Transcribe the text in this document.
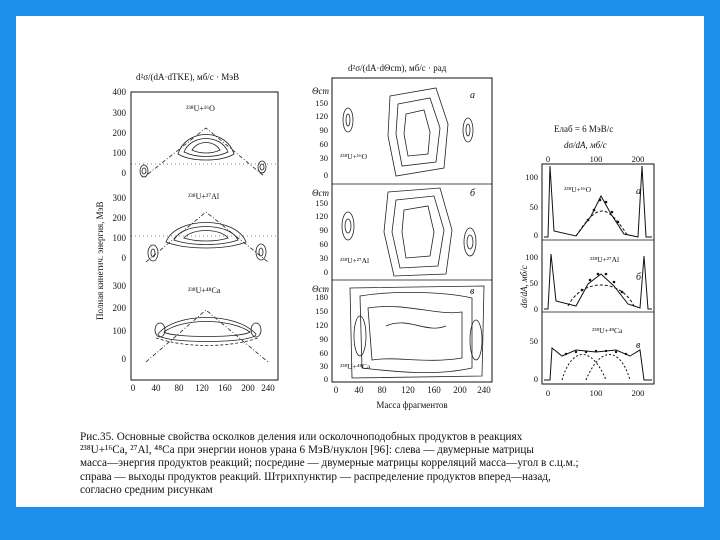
d²σ/(dA·dTKE), мб/с · МэВ
Полная кинетич. энергия, МэВ
400
300
200
100
0
300
200
100
0
300
200
100
0
0 40 80 120 160 200 240
²³⁸U+¹⁶O
²³⁸U+²⁷Al
²³⁸U+⁴⁸Ca
d²σ/(dA·dΘcm), мб/с · рад
Θcm
Θcm
Θcm
150
120
90
60
30
0
150
120
90
60
30
0
180
150
120
90
60
30
0
0 40 80 120 160 200 240
Масса фрагментов
а
б
в
²³⁸U+¹⁶O
²³⁸U+²⁷Al
²³⁸U+⁴⁸Ca
Eлаб = 6 МэВ/с
dσ/dA, мб/с
0	100	200
dσ/dA, мб/с
100
50
0
100
50
0
50
0
0	100	200
а
б
в
²³⁸U+¹⁶O
²³⁸U+²⁷Al
²³⁸U+⁴⁸Ca
Рис.35. Основные свойства осколков деления или осколочноподобных продуктов в реакциях
²³⁸U+¹⁶Ca, ²⁷Al, ⁴⁸Ca при энергии ионов урана 6 МэВ/нуклон [96]: слева — двумерные матрицы
масса—энергия продуктов реакций; посредине — двумерные матрицы корреляций масса—угол в с.ц.м.;
справа — выходы продуктов реакций. Штрихпунктир — распределение продуктов вперед—назад,
согласно средним рисункам
